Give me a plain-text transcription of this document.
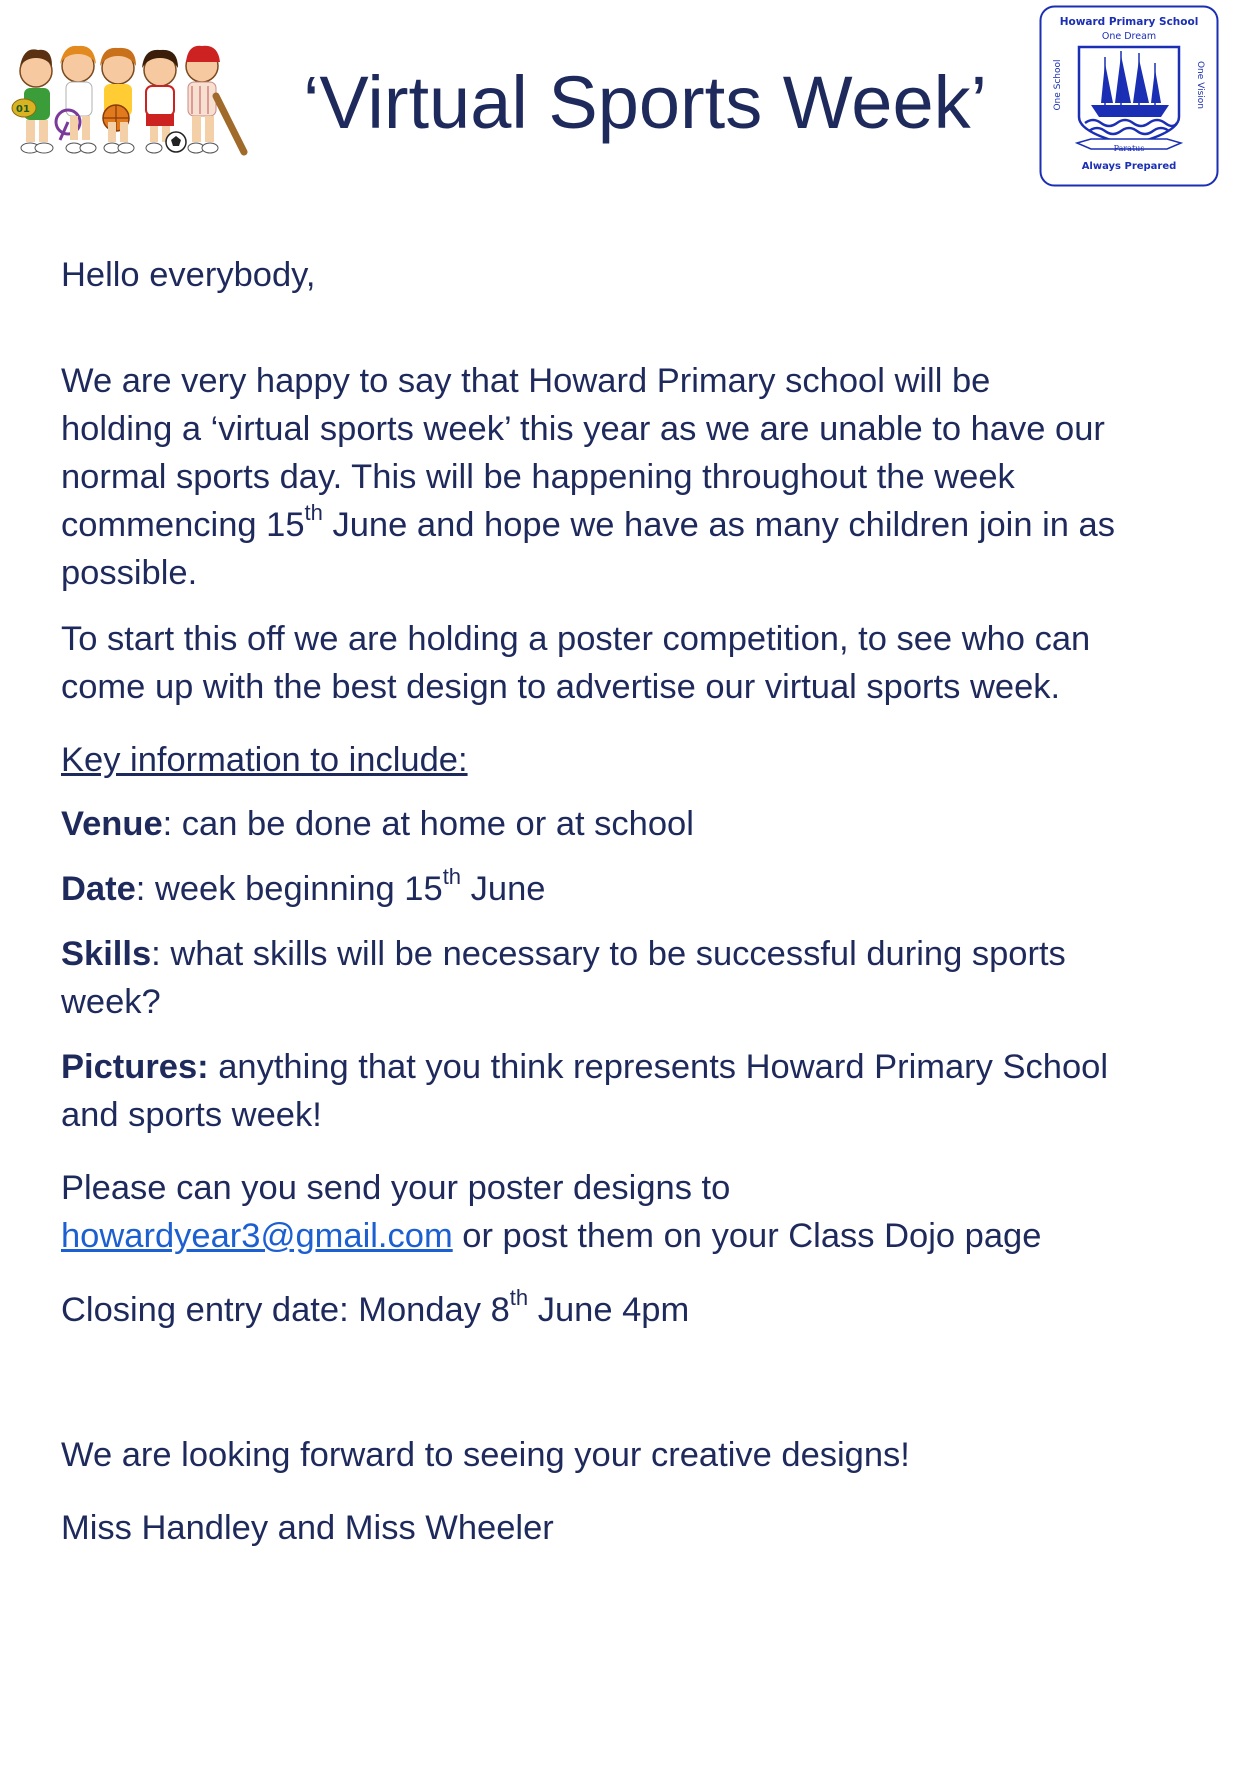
01	‘Virtual Sports Week’
Howard Primary School
One Dream
One School	One Vision
Paratus
Always Prepared
Hello everybody,
We are very happy to say that Howard Primary school will be
holding a ‘virtual sports week’ this year as we are unable to have our
normal sports day. This will be happening throughout the week
commencing 15th June and hope we have as many children join in as
possible.
To start this off we are holding a poster competition, to see who can
come up with the best design to advertise our virtual sports week.
Key information to include:
Venue: can be done at home or at school
Date: week beginning 15th June
Skills: what skills will be necessary to be successful during sports
week?
Pictures: anything that you think represents Howard Primary School
and sports week!
Please can you send your poster designs to
howardyear3@gmail.com or post them on your Class Dojo page
Closing entry date: Monday 8th June 4pm
We are looking forward to seeing your creative designs!
Miss Handley and Miss Wheeler
